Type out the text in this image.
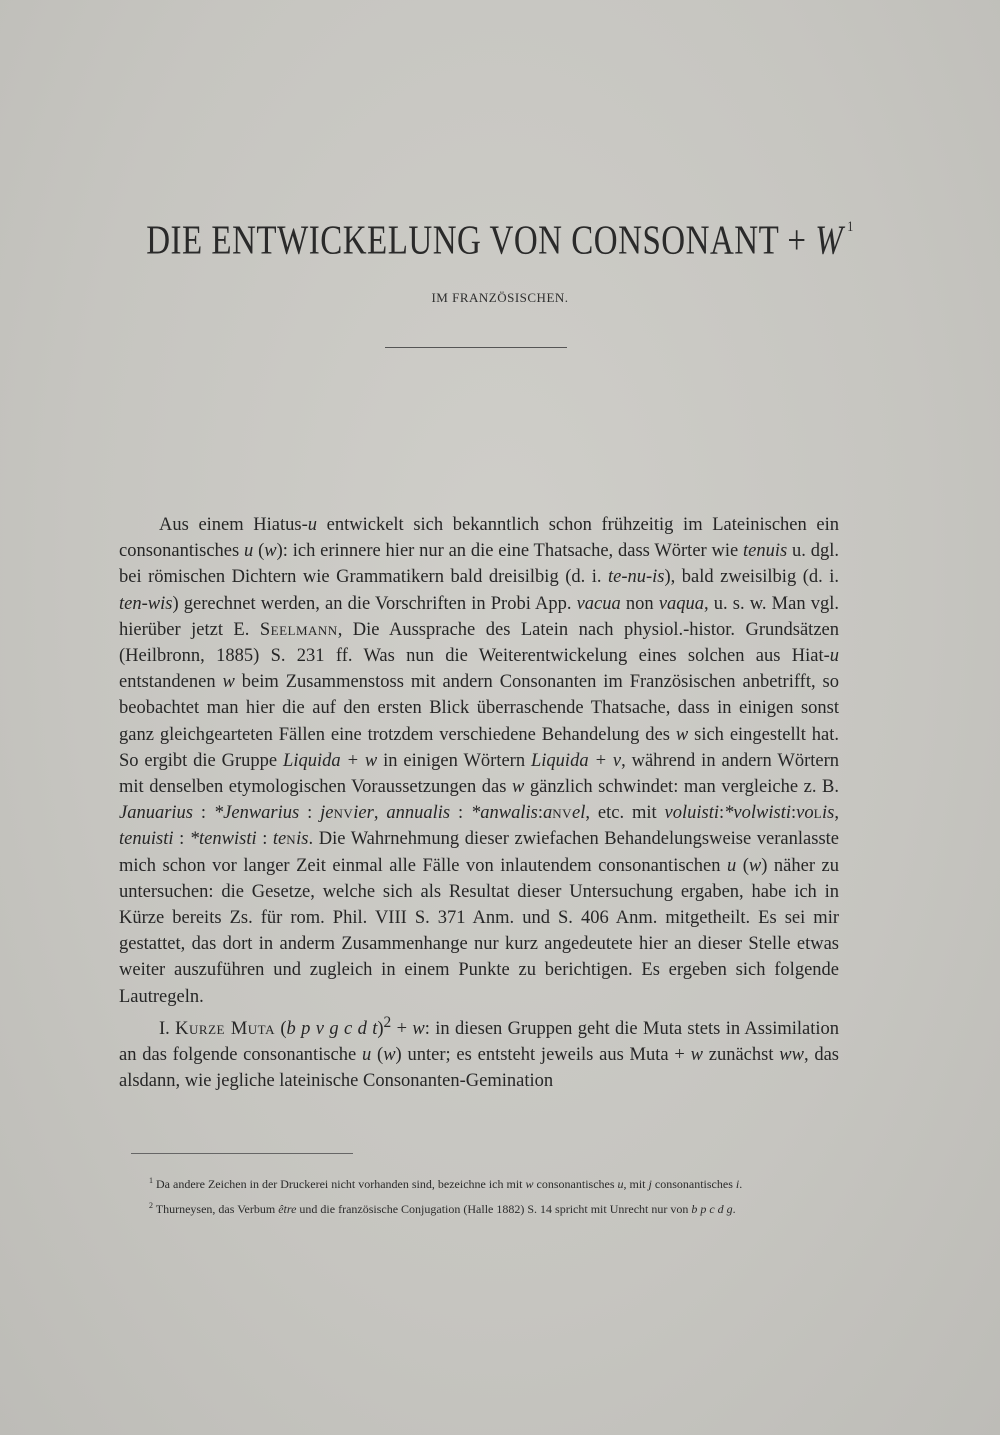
DIE ENTWICKELUNG VON CONSONANT + W $^1$
IM FRANZÖSISCHEN.

Aus einem Hiatus-u entwickelt sich bekanntlich schon frühzeitig im Lateinischen ein consonantisches u (w): ich erinnere hier nur an die eine Thatsache, dass Wörter wie tenuis u. dgl. bei römischen Dichtern wie Grammatikern bald dreisilbig (d. i. te-nu-is), bald zweisilbig (d. i. ten-wis) gerechnet werden, an die Vorschriften in Probi App. vacua non vaqua, u. s. w. Man vgl. hierüber jetzt E. Seelmann, Die Aussprache des Latein nach physiol.-histor. Grundsätzen (Heilbronn, 1885) S. 231 ff. Was nun die Weiterentwickelung eines solchen aus Hiat-u entstandenen w beim Zusammenstoss mit andern Consonanten im Französischen anbetrifft, so beobachtet man hier die auf den ersten Blick überraschende Thatsache, dass in einigen sonst ganz gleichgearteten Fällen eine trotzdem verschiedene Behandelung des w sich eingestellt hat. So ergibt die Gruppe Liquida + w in einigen Wörtern Liquida + v, während in andern Wörtern mit denselben etymologischen Voraussetzungen das w gänzlich schwindet: man vergleiche z. B. Januarius : *Jenwarius : jenvier, annualis : *anwalis:anvel, etc. mit voluisti:*volwisti:volis, tenuisti : *tenwisti : tenis. Die Wahrnehmung dieser zwiefachen Behandelungsweise veranlasste mich schon vor langer Zeit einmal alle Fälle von inlautendem consonantischen u (w) näher zu untersuchen: die Gesetze, welche sich als Resultat dieser Untersuchung ergaben, habe ich in Kürze bereits Zs. für rom. Phil. VIII S. 371 Anm. und S. 406 Anm. mitgetheilt. Es sei mir gestattet, das dort in anderm Zusammenhange nur kurz angedeutete hier an dieser Stelle etwas weiter auszuführen und zugleich in einem Punkte zu berichtigen. Es ergeben sich folgende Lautregeln.

I. Kurze Muta (b p v g c d t)$^2$ + w: in diesen Gruppen geht die Muta stets in Assimilation an das folgende consonantische u (w) unter; es entsteht jeweils aus Muta + w zunächst ww, das alsdann, wie jegliche lateinische Consonanten-Gemination

$^1$ Da andere Zeichen in der Druckerei nicht vorhanden sind, bezeichne ich mit w consonantisches u, mit j consonantisches i.

$^2$ Thurneysen, das Verbum être und die französische Conjugation (Halle 1882) S. 14 spricht mit Unrecht nur von b p c d g.
